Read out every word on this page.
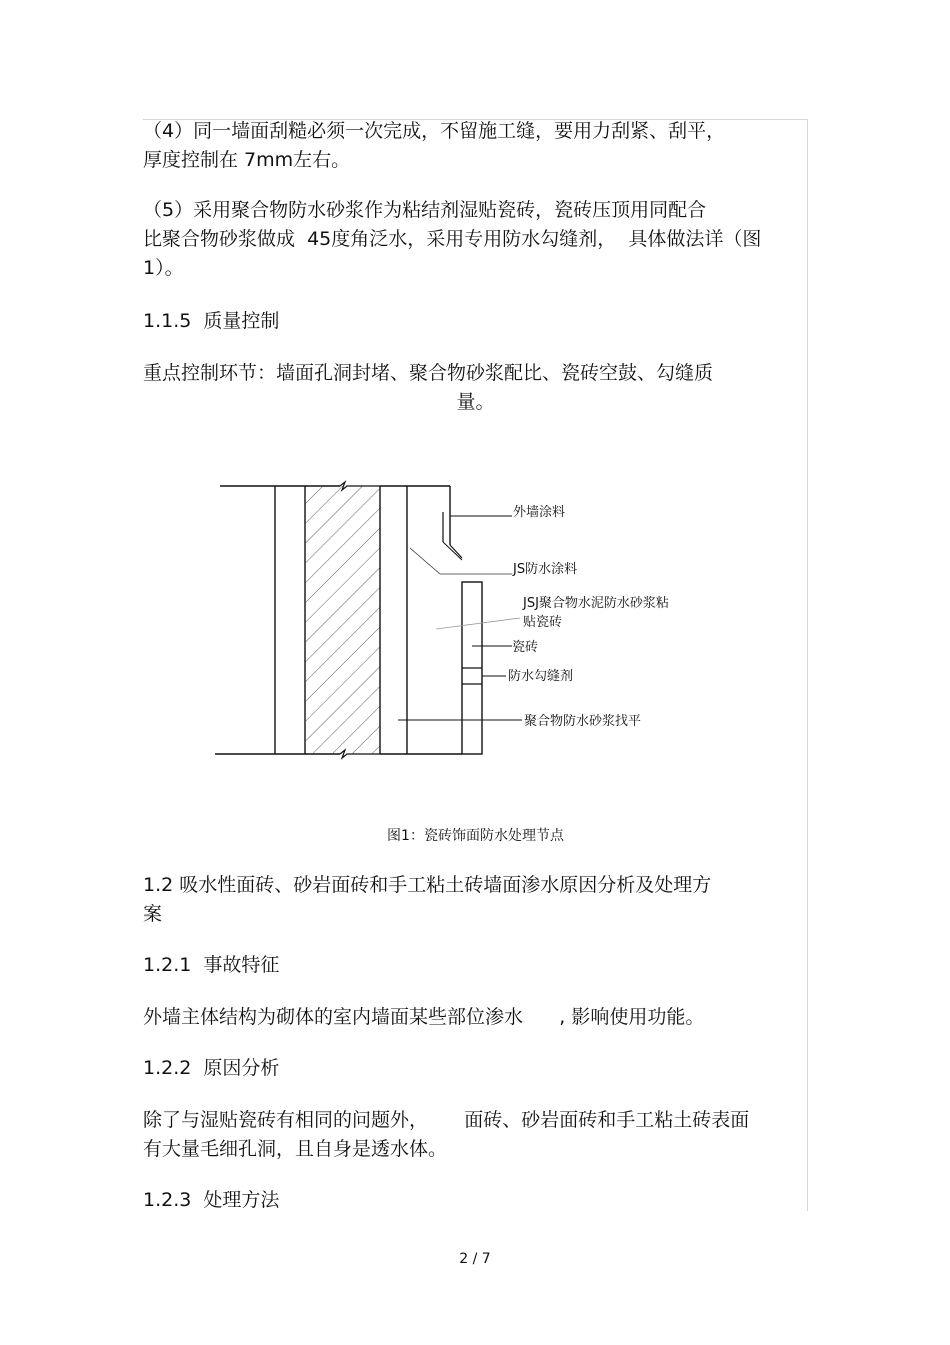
（4）同一墙面刮糙必须一次完成，不留施工缝，要用力刮紧、刮平，
厚度控制在 7mm左右。
（5）采用聚合物防水砂浆作为粘结剂湿贴瓷砖，瓷砖压顶用同配合
比聚合物砂浆做成  45度角泛水，采用专用防水勾缝剂，  具体做法详（图
1）。
1.1.5  质量控制
重点控制环节：墙面孔洞封堵、聚合物砂浆配比、瓷砖空鼓、勾缝质
量。
外墙涂料
JS防水涂料
JSJ聚合物水泥防水砂浆粘
贴瓷砖
瓷砖
防水勾缝剂
聚合物防水砂浆找平
图1：瓷砖饰面防水处理节点
1.2 吸水性面砖、砂岩面砖和手工粘土砖墙面渗水原因分析及处理方
案
1.2.1  事故特征
外墙主体结构为砌体的室内墙面某些部位渗水      , 影响使用功能。
1.2.2  原因分析
除了与湿贴瓷砖有相同的问题外，      面砖、砂岩面砖和手工粘土砖表面
有大量毛细孔洞，且自身是透水体。
1.2.3  处理方法
2 / 7
